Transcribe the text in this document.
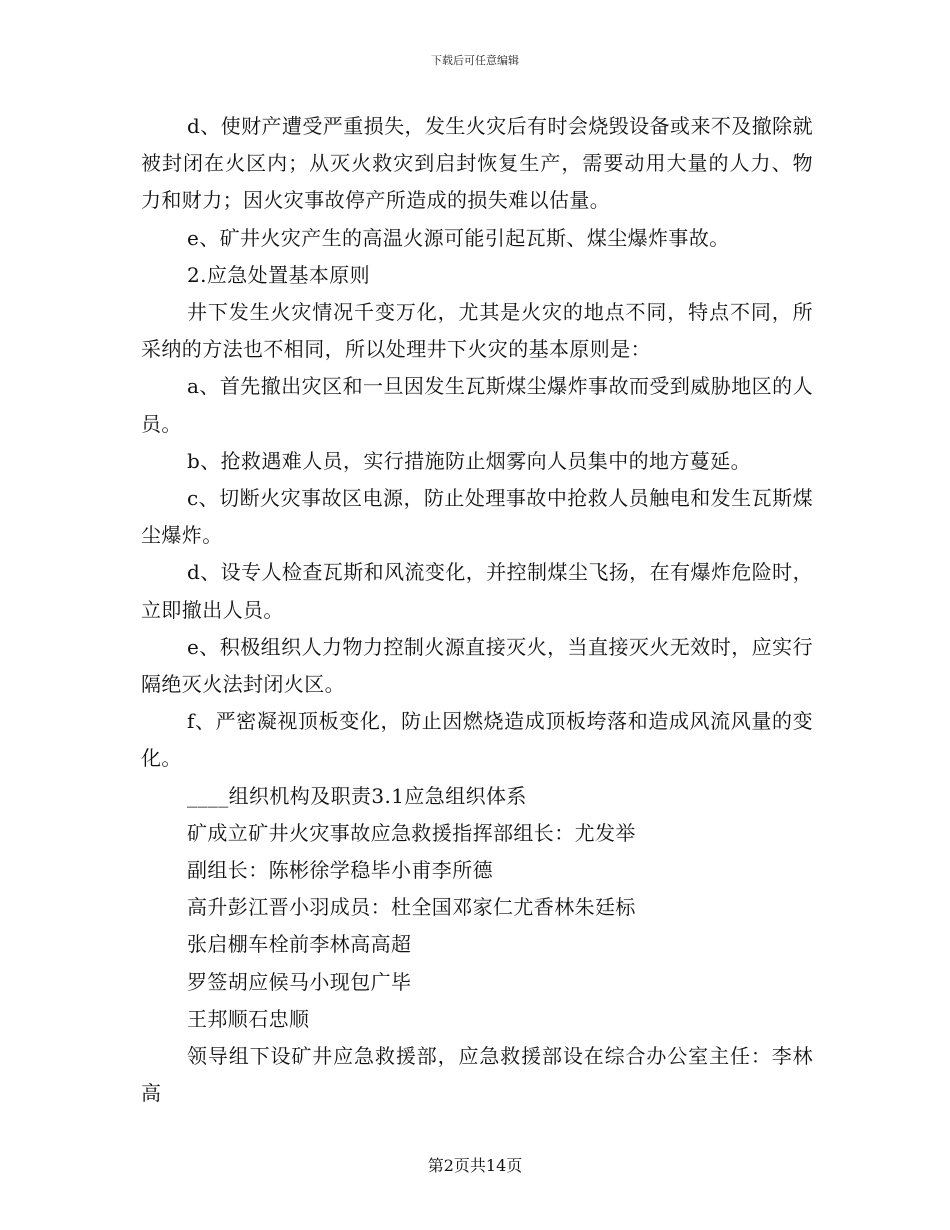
下载后可任意编辑

d、使财产遭受严重损失，发生火灾后有时会烧毁设备或来不及撤除就被封闭在火区内；从灭火救灾到启封恢复生产，需要动用大量的人力、物力和财力；因火灾事故停产所造成的损失难以估量。

e、矿井火灾产生的高温火源可能引起瓦斯、煤尘爆炸事故。

2.应急处置基本原则

井下发生火灾情况千变万化，尤其是火灾的地点不同，特点不同，所采纳的方法也不相同，所以处理井下火灾的基本原则是：

a、首先撤出灾区和一旦因发生瓦斯煤尘爆炸事故而受到威胁地区的人员。

b、抢救遇难人员，实行措施防止烟雾向人员集中的地方蔓延。

c、切断火灾事故区电源，防止处理事故中抢救人员触电和发生瓦斯煤尘爆炸。

d、设专人检查瓦斯和风流变化，并控制煤尘飞扬，在有爆炸危险时，立即撤出人员。

e、积极组织人力物力控制火源直接灭火，当直接灭火无效时，应实行隔绝灭火法封闭火区。

f、严密凝视顶板变化，防止因燃烧造成顶板垮落和造成风流风量的变化。

____组织机构及职责3.1应急组织体系

矿成立矿井火灾事故应急救援指挥部组长：尤发举

副组长：陈彬徐学稳毕小甫李所德

高升彭江晋小羽成员：杜全国邓家仁尤香林朱廷标

张启棚车栓前李林高高超

罗签胡应候马小现包广毕

王邦顺石忠顺

领导组下设矿井应急救援部，应急救援部设在综合办公室主任：李林高

第2页共14页
